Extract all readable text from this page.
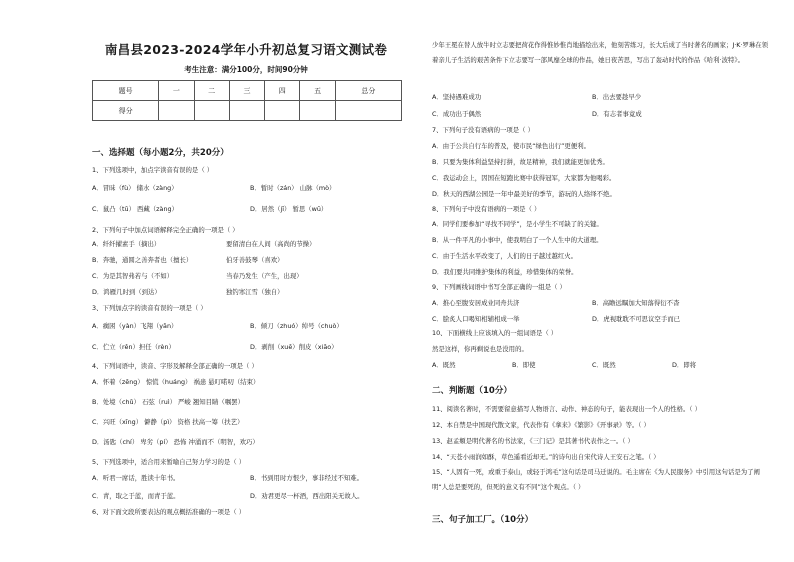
南昌县2023-2024学年小升初总复习语文测试卷
考生注意：满分100分，时间90分钟
题号	一	二	三	四	五	总分
得分						
一、选择题（每小题2分，共20分）
1、下列选项中，加点字读音有误的是（ ）
A．冒昧（fù） 储水（zàng）	B．暂时（zán） 山脉（mò）
C．鼠凸（tū） 西藏（zàng）	D．居然（jī） 暂思（wū）
2、下列句子中加点词语解释完全正确的一项是（ ）
A．纤纤擢素手（摘出）	要留清白在人间（高尚的节操）
B．奔驰，通圆之善奔者也（擅长）	伯牙善鼓琴（喜欢）
C．为是其智弗若与（不如）	当春乃发生（产生，出现）
D．鸿雁几时到（到达）	独钓寒江雪（独自）
3、下列加点字的读音有误的一项是（ ）
A．瘸困（yàn）飞翔（yān）	B．倾刀（zhuó）绰号（chuò）
C．伫立（rěn）担任（rèn）	D．剥削（xuē）削皮（xiāo）
4、下列词语中，读音、字形及解释全部正确的一项是（ ）
A．怀着（zēng） 惊慌（huáng） 祸患 悬叮喏叨（结束）
B．处境（chǔ） 石弦（ruì） 严峻 翘知目睛（嘱罢）
C．兴旺（xīng） 僻静（pì） 资格 扶高一筹（扶艺）
D．汤匙（chí） 卑劣（pí） 恐怖 冲涌而不（明智，欢巧）
5、下列选项中，适合用来暂喻自己努力学习的是（ ）
A．听君一席话，胜读十年书。	B．书到用时方恨少，事非经过不知难。
C．青，取之于蓝，而青于蓝。	D．劝君更尽一杯酒，西出阳关无故人。
6、对下面文段所要表达的观点概括准确的一项是（ ）
少年王冕在替人放牛时立志要把荷花作得惟妙惟肖地描绘出来，他刻苦练习，长大后成了当时著名的画家；J·K·罗琳在领着亲儿子生活的艰苦条件下立志要写一部风靡全球的作品，她日夜苦思，写出了轰动时代的作品《哈利·波特》。
A．坚持遇难成功	B．出去要趁早少
C．成功出于偶然	D．有志者事竟成
7、下列句子没有语病的一项是（ ）
A．由于公共自行车的普及，使市民“绿色出行”更便利。
B．只要为集体利益坚持打拼，故足精神，我们就能更加优秀。
C．我运动会上，因国在短跑比赛中获得冠军，大家都为他喝彩。
D．秋天的西湖公园是一年中最美好的季节，游玩的人络绎不绝。
8、下列句子中没有语病的一项是（ ）
A．同学们要参加“寻找不同学”，是小学生不可缺了的关键。
B．从一件平凡的小事中，使我明白了一个人生中的大道理。
C．由于生活水平改变了，人们的日子越过越红火。
D．我们要共同维护集体的利益，珍惜集体的荣誉。
9、下列画线词语中书写全部正确的一组是（ ）
A．推心至腹安居成业同舟共济	B．高瞻远瞩加大知落得衍不杳
C．脍炙人口喝知相辅相成一举	D．虎视耽耽不可思议空手而已
10、下面横线上应该填入的一组词语是（ ）
然是这样，你再剩说也是没用的。
A．既然	B．即使	C．既然	D．即将
二、判断题（10分）
11、阅读名著时，不需要留意描写人物语言、动作、神态的句子，能表现出一个人的性格。（ ）
12、本自禁是中国现代散文家，代表作有《拿来》《繁影》《开事录》等。（ ）
13、赵孟頫是明代著名的书法家，《三门记》是其著书代表作之一。（ ）
14、“天苍小雨润如酥，草色遥看近却无。”的诗句出自宋代诗人王安石之笔。（ ）
15、“人固有一死，或重于泰山，或轻于鸿毛”这句话是司马迁说的。毛主席在《为人民服务》中引用这句话是为了阐明“人总是要死的，但死的意义有不同”这个观点。（ ）
三、句子加工厂。（10分）
